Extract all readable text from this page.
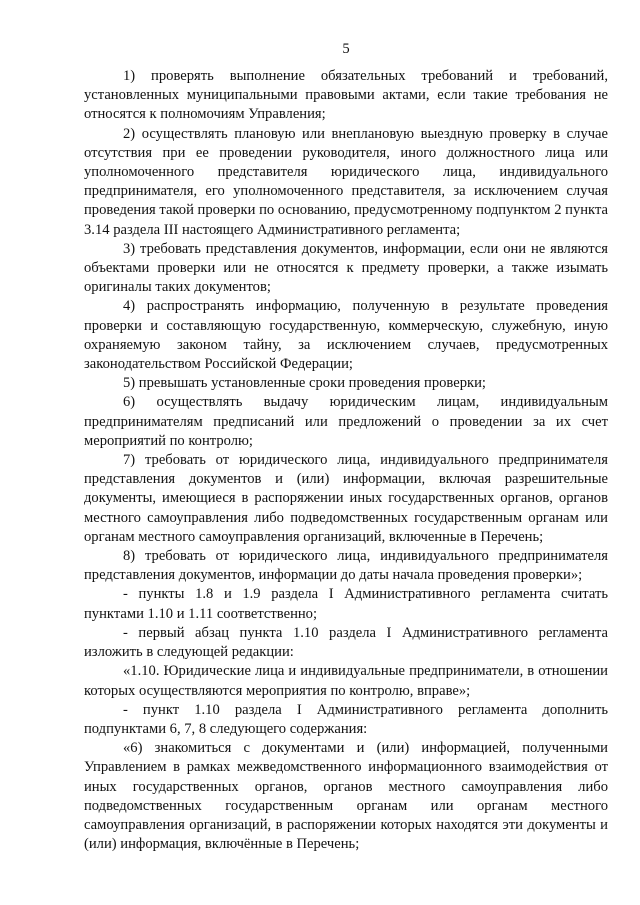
5

1) проверять выполнение обязательных требований и требований, установленных муниципальными правовыми актами, если такие требования не относятся к полномочиям Управления;

2) осуществлять плановую или внеплановую выездную проверку в случае отсутствия при ее проведении руководителя, иного должностного лица или уполномоченного представителя юридического лица, индивидуального предпринимателя, его уполномоченного представителя, за исключением случая проведения такой проверки по основанию, предусмотренному подпунктом 2 пункта 3.14 раздела III настоящего Административного регламента;

3) требовать представления документов, информации, если они не являются объектами проверки или не относятся к предмету проверки, а также изымать оригиналы таких документов;

4) распространять информацию, полученную в результате проведения проверки и составляющую государственную, коммерческую, служебную, иную охраняемую законом тайну, за исключением случаев, предусмотренных законодательством Российской Федерации;

5) превышать установленные сроки проведения проверки;

6) осуществлять выдачу юридическим лицам, индивидуальным предпринимателям предписаний или предложений о проведении за их счет мероприятий по контролю;

7) требовать от юридического лица, индивидуального предпринимателя представления документов и (или) информации, включая разрешительные документы, имеющиеся в распоряжении иных государственных органов, органов местного самоуправления либо подведомственных государственным органам или органам местного самоуправления организаций, включенные в Перечень;

8) требовать от юридического лица, индивидуального предпринимателя представления документов, информации до даты начала проведения проверки»;

- пункты 1.8 и 1.9 раздела I Административного регламента считать пунктами 1.10 и 1.11 соответственно;

- первый абзац пункта 1.10 раздела I Административного регламента изложить в следующей редакции:

«1.10. Юридические лица и индивидуальные предприниматели, в отношении которых осуществляются мероприятия по контролю, вправе»;

- пункт 1.10 раздела I Административного регламента дополнить подпунктами 6, 7, 8 следующего содержания:

«6) знакомиться с документами и (или) информацией, полученными Управлением в рамках межведомственного информационного взаимодействия от иных государственных органов, органов местного самоуправления либо подведомственных государственным органам или органам местного самоуправления организаций, в распоряжении которых находятся эти документы и (или) информация, включённые в Перечень;
